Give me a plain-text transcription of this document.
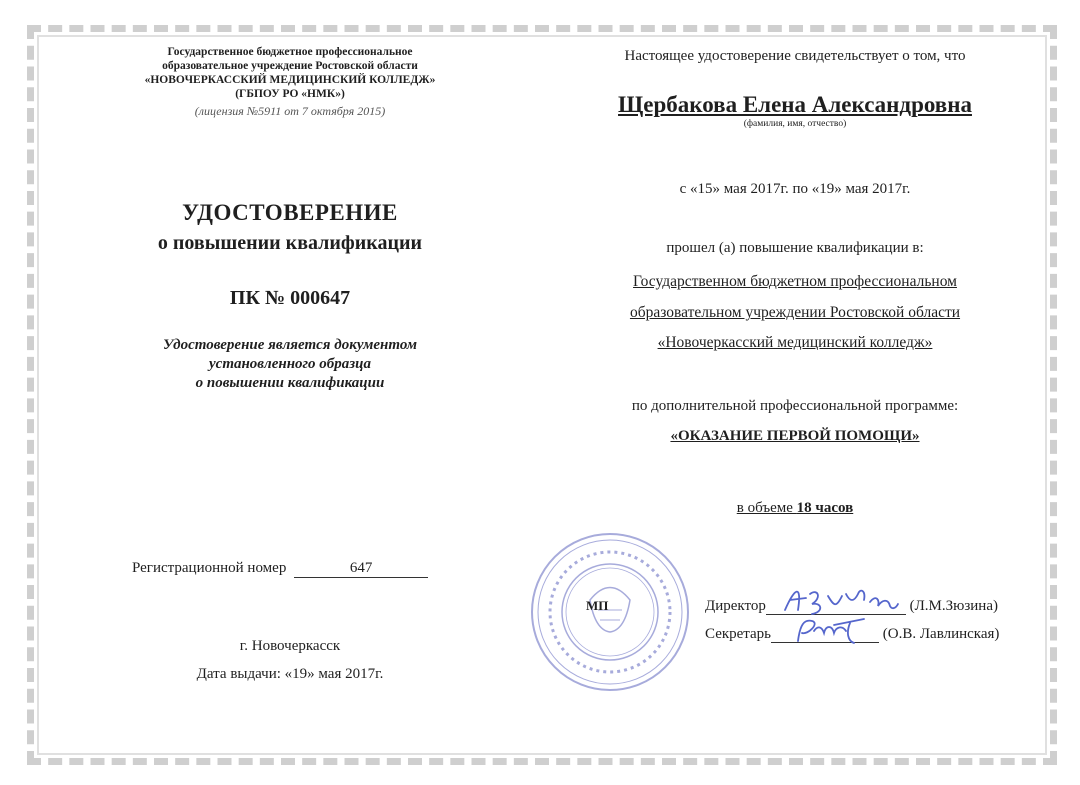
Государственное бюджетное профессиональное
образовательное учреждение Ростовской области
«НОВОЧЕРКАССКИЙ МЕДИЦИНСКИЙ КОЛЛЕДЖ»
(ГБПОУ РО «НМК»)
(лицензия №5911 от 7 октября 2015)
УДОСТОВЕРЕНИЕ
о повышении квалификации
ПК № 000647
Удостоверение является документом
установленного образца
о повышении квалификации
Регистрационной номер	647
г. Новочеркасск
Дата выдачи: «19» мая 2017г.
Настоящее удостоверение свидетельствует о том, что
Щербакова Елена Александровна
(фамилия, имя, отчество)
с «15» мая 2017г. по «19» мая 2017г.
прошел (а) повышение квалификации в:
Государственном бюджетном профессиональном
образовательном учреждении Ростовской области
«Новочеркасский медицинский колледж»
по дополнительной профессиональной программе:
«ОКАЗАНИЕ ПЕРВОЙ ПОМОЩИ»
в объеме 18 часов
МП	Директор	(Л.М.Зюзина)
Секретарь	(О.В. Лавлинская)
